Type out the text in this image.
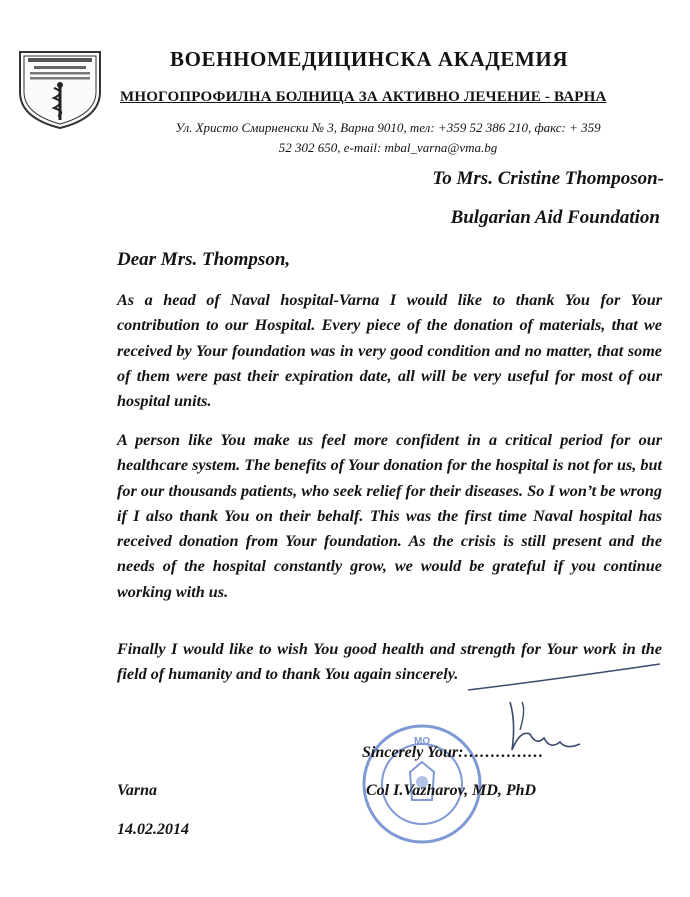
ВОЕННОМЕДИЦИНСКА АКАДЕМИЯ
МНОГОПРОФИЛНА БОЛНИЦА ЗА АКТИВНО ЛЕЧЕНИЕ - ВАРНА
Ул. Христо Смирненски № 3, Варна 9010, тел: +359 52 386 210, факс: + 359
52 302 650, e-mail: mbal_varna@vma.bg
To Mrs. Cristine Thomposon-
Bulgarian Aid Foundation
Dear Mrs. Thompson,
As a head of Naval hospital-Varna I would like to thank You for Your contribution to our Hospital. Every piece of the donation of materials, that we received by Your foundation was in very good condition and no matter, that some of them were past their expiration date, all will be very useful for most of our hospital units.
A person like You make us feel more confident in a critical period for our healthcare system. The benefits of Your donation for the hospital is not for us, but for our thousands patients, who seek relief for their diseases. So I won’t be wrong if I also thank You on their behalf. This was the first time Naval hospital has received donation from Your foundation. As the crisis is still present and the needs of the hospital constantly grow, we would be grateful if you continue working with us.
Finally I would like to wish You good health and strength for Your work in the field of humanity and to thank You again sincerely.
МО
Sincerely Your:……………
Col I.Vazharov, MD, PhD
Varna
14.02.2014
